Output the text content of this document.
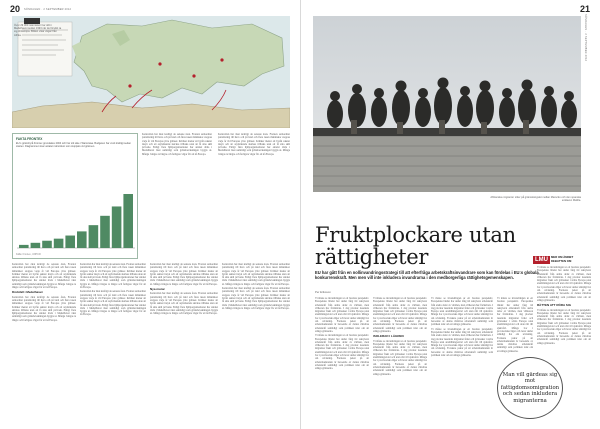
20 SÖNDAGEN · 2 SEPTEMBER 2012
Över 29 000 människor har dött i Medelhavet sedan 1993 när de försökt ta sig till Europa. Bilden visar vägar från Afrika.
FAKTA FRONTEX
EU:s gränsbyrå Frontex grundades 2004 och har sitt säte i Warszawa. Budgeten har vuxit kraftigt sedan starten. Diagrammet visar antalet människor som stoppats vid gränsen.
Källa: Frontex, UNHCR

Kontrollen har ökat kraftigt de senaste åren. Frontex samordnar patrullering till havs och på land och flera tusen människor stoppas varje år vid Europas yttre gränser. Kritiker menar att byrån saknar insyn och att asylsökande skickas tillbaka utan att få sina skäl prövade. Enligt flera hjälporganisationer har antalet döda i Medelhavet ökat samtidigt som gränsbevakningen byggts ut. Många tvingas ta längre och farligare vägar för att nå Europa.

Kontrollen har ökat kraftigt de senaste åren. Frontex samordnar patrullering till havs och på land och flera tusen människor stoppas varje år vid Europas yttre gränser. Kritiker menar att byrån saknar insyn och att asylsökande skickas tillbaka utan att få sina skäl prövade. Enligt flera hjälporganisationer har antalet döda i Medelhavet ökat samtidigt som gränsbevakningen byggts ut. Många tvingas ta längre och farligare vägar för att nå Europa.

Kontrollen har ökat kraftigt de senaste åren. Frontex samordnar patrullering till havs och på land och flera tusen människor stoppas varje år vid Europas yttre gränser. Kritiker menar att byrån saknar insyn och att asylsökande skickas tillbaka utan att få sina skäl prövade. Enligt flera hjälporganisationer har antalet döda i Medelhavet ökat samtidigt som gränsbevakningen byggts ut. Många tvingas ta längre och farligare vägar för att nå Europa.

Dödsfall i Medelhavet

Kontrollen har ökat kraftigt de senaste åren. Frontex samordnar patrullering till havs och på land och flera tusen människor stoppas varje år vid Europas yttre gränser. Kritiker menar att byrån saknar insyn och att asylsökande skickas tillbaka utan att få sina skäl prövade. Enligt flera hjälporganisationer har antalet döda i Medelhavet ökat samtidigt som gränsbevakningen byggts ut. Många tvingas ta längre och farligare vägar för att nå Europa.

Kontrollen har ökat kraftigt de senaste åren. Frontex samordnar patrullering till havs och på land och flera tusen människor stoppas varje år vid Europas yttre gränser. Kritiker menar att byrån saknar insyn och att asylsökande skickas tillbaka utan att få sina skäl prövade. Enligt flera hjälporganisationer har antalet döda i Medelhavet ökat samtidigt som gränsbevakningen byggts ut. Många tvingas ta längre och farligare vägar för att nå Europa.

Kontrollen har ökat kraftigt de senaste åren. Frontex samordnar patrullering till havs och på land och flera tusen människor stoppas varje år vid Europas yttre gränser. Kritiker menar att byrån saknar insyn och att asylsökande skickas tillbaka utan att få sina skäl prövade. Enligt flera hjälporganisationer har antalet döda i Medelhavet ökat samtidigt som gränsbevakningen byggts ut. Många tvingas ta längre och farligare vägar för att nå Europa.

Kontrollen har ökat kraftigt de senaste åren. Frontex samordnar patrullering till havs och på land och flera tusen människor stoppas varje år vid Europas yttre gränser. Kritiker menar att byrån saknar insyn och att asylsökande skickas tillbaka utan att få sina skäl prövade. Enligt flera hjälporganisationer har antalet döda i Medelhavet ökat samtidigt som gränsbevakningen byggts ut. Många tvingas ta längre och farligare vägar för att nå Europa.

Nya murar

Kontrollen har ökat kraftigt de senaste åren. Frontex samordnar patrullering till havs och på land och flera tusen människor stoppas varje år vid Europas yttre gränser. Kritiker menar att byrån saknar insyn och att asylsökande skickas tillbaka utan att få sina skäl prövade. Enligt flera hjälporganisationer har antalet döda i Medelhavet ökat samtidigt som gränsbevakningen byggts ut. Många tvingas ta längre och farligare vägar för att nå Europa.

Kontrollen har ökat kraftigt de senaste åren. Frontex samordnar patrullering till havs och på land och flera tusen människor stoppas varje år vid Europas yttre gränser. Kritiker menar att byrån saknar insyn och att asylsökande skickas tillbaka utan att få sina skäl prövade. Enligt flera hjälporganisationer har antalet döda i Medelhavet ökat samtidigt som gränsbevakningen byggts ut. Många tvingas ta längre och farligare vägar för att nå Europa.

Kontrollen har ökat kraftigt de senaste åren. Frontex samordnar patrullering till havs och på land och flera tusen människor stoppas varje år vid Europas yttre gränser. Kritiker menar att byrån saknar insyn och att asylsökande skickas tillbaka utan att få sina skäl prövade. Enligt flera hjälporganisationer har antalet döda i Medelhavet ökat samtidigt som gränsbevakningen byggts ut. Många tvingas ta längre och farligare vägar för att nå Europa.

21
SÖNDAGEN · 2 SEPTEMBER 2012
Afrikanska migranter sitter på gränsstängslet mellan Marocko och den spanska enklaven Melilla.
Fruktplockare utan rättigheter	LMU	MER OM ÄMNET
DEBATTEN OM
EU har gått från en nollinvandringsstrategi till att efterfråga arbetskraftsinvandrare som kan fördelas i EU:s globala konkurrenskraft. Men men vill inte inkludera invandrarna i den medborgerliga rättighetsgemenskapen.
Per Eriksson

Vi måste se invandringen ur ett bredare perspektiv. Europeiska länder har under lång tid rekryterat arbetskraft från andra delar av världen, men villkoren har förändrats. I dag plockar tusentals migranter frukt och grönsaker i södra Europa utan anställningsavtal och utan rätt till sjukvård. Många bor i provisoriska läger och lever under ständigt hot om utvisning. Forskare pekar på att arbetsmarknaden är beroende av denna rättslösa arbetskraft samtidigt som politiken talar om att stänga gränserna.

Vi måste se invandringen ur ett bredare perspektiv. Europeiska länder har under lång tid rekryterat arbetskraft från andra delar av världen, men villkoren har förändrats. I dag plockar tusentals migranter frukt och grönsaker i södra Europa utan anställningsavtal och utan rätt till sjukvård. Många bor i provisoriska läger och lever under ständigt hot om utvisning. Forskare pekar på att arbetsmarknaden är beroende av denna rättslösa arbetskraft samtidigt som politiken talar om att stänga gränserna.

Vi måste se invandringen ur ett bredare perspektiv. Europeiska länder har under lång tid rekryterat arbetskraft från andra delar av världen, men villkoren har förändrats. I dag plockar tusentals migranter frukt och grönsaker i södra Europa utan anställningsavtal och utan rätt till sjukvård. Många bor i provisoriska läger och lever under ständigt hot om utvisning. Forskare pekar på att arbetsmarknaden är beroende av denna rättslösa arbetskraft samtidigt som politiken talar om att stänga gränserna.

ISOLERAD I LÄGREN

Vi måste se invandringen ur ett bredare perspektiv. Europeiska länder har under lång tid rekryterat arbetskraft från andra delar av världen, men villkoren har förändrats. I dag plockar tusentals migranter frukt och grönsaker i södra Europa utan anställningsavtal och utan rätt till sjukvård. Många bor i provisoriska läger och lever under ständigt hot om utvisning. Forskare pekar på att arbetsmarknaden är beroende av denna rättslösa arbetskraft samtidigt som politiken talar om att stänga gränserna.

Vi måste se invandringen ur ett bredare perspektiv. Europeiska länder har under lång tid rekryterat arbetskraft från andra delar av världen, men villkoren har förändrats. I dag plockar tusentals migranter frukt och grönsaker i södra Europa utan anställningsavtal och utan rätt till sjukvård. Många bor i provisoriska läger och lever under ständigt hot om utvisning. Forskare pekar på att arbetsmarknaden är beroende av denna rättslösa arbetskraft samtidigt som politiken talar om att stänga gränserna.

Vi måste se invandringen ur ett bredare perspektiv. Europeiska länder har under lång tid rekryterat arbetskraft från andra delar av världen, men villkoren har förändrats. I dag plockar tusentals migranter frukt och grönsaker i södra Europa utan anställningsavtal och utan rätt till sjukvård. Många bor i provisoriska läger och lever under ständigt hot om utvisning. Forskare pekar på att arbetsmarknaden är beroende av denna rättslösa arbetskraft samtidigt som politiken talar om att stänga gränserna.

Vi måste se invandringen ur ett bredare perspektiv. Europeiska länder har under lång tid rekryterat arbetskraft från andra delar av världen, men villkoren har förändrats. I dag plockar tusentals migranter frukt och grönsaker i södra Europa utan anställningsavtal och utan rätt till sjukvård. Många bor i provisoriska läger och lever under ständigt hot om utvisning. Forskare pekar på att arbetsmarknaden är beroende av denna rättslösa arbetskraft samtidigt som politiken talar om att stänga gränserna.

Vi måste se invandringen ur ett bredare perspektiv. Europeiska länder har under lång tid rekryterat arbetskraft från andra delar av världen, men villkoren har förändrats. I dag plockar tusentals migranter frukt och grönsaker i södra Europa utan anställningsavtal och utan rätt till sjukvård. Många bor i provisoriska läger och lever under ständigt hot om utvisning. Forskare pekar på att arbetsmarknaden är beroende av denna rättslösa arbetskraft samtidigt som politiken talar om att stänga gränserna.

RÄTTEN ATT RÖRA SIG

Vi måste se invandringen ur ett bredare perspektiv. Europeiska länder har under lång tid rekryterat arbetskraft från andra delar av världen, men villkoren har förändrats. I dag plockar tusentals migranter frukt och grönsaker i södra Europa utan anställningsavtal och utan rätt till sjukvård. Många bor i provisoriska läger och lever under ständigt hot om utvisning. Forskare pekar på att arbetsmarknaden är beroende av denna rättslösa arbetskraft samtidigt som politiken talar om att stänga gränserna.

Man vill gärdeas sig mot fattigdomsomigration och sedan inkludera migranterna
